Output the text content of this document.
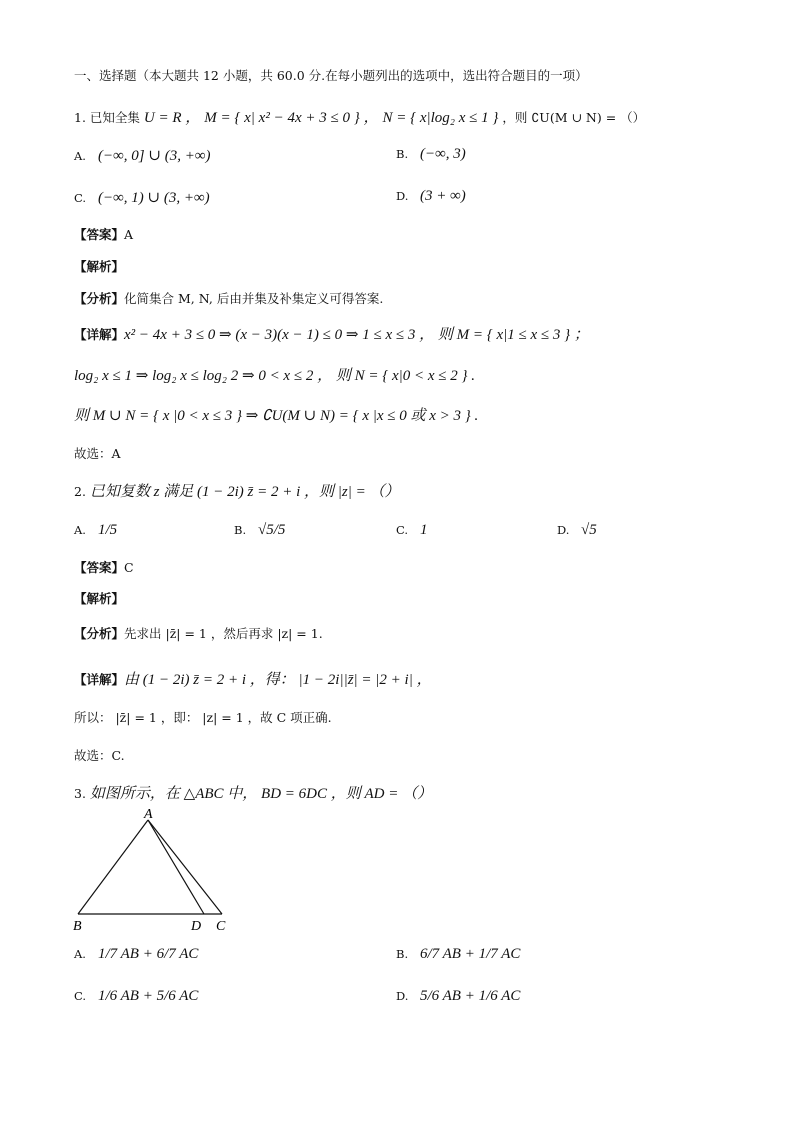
一、选择题（本大题共 12 小题，共 60.0 分.在每小题列出的选项中，选出符合题目的一项）
1. 已知全集 U = R ， M = { x| x² − 4x + 3 ≤ 0 } ， N = { x|log₂ x ≤ 1 } ，则 ∁U(M ∪ N) = （）
A. (−∞, 0] ∪ (3, +∞)	B. (−∞, 3)
C. (−∞, 1) ∪ (3, +∞)	D. (3 + ∞)
【答案】A
【解析】
【分析】化简集合 M, N, 后由并集及补集定义可得答案.
【详解】x² − 4x + 3 ≤ 0 ⇒ (x − 3)(x − 1) ≤ 0 ⇒ 1 ≤ x ≤ 3 ， 则 M = { x|1 ≤ x ≤ 3 } ；
log₂ x ≤ 1 ⇒ log₂ x ≤ log₂ 2 ⇒ 0 < x ≤ 2 ， 则 N = { x|0 < x ≤ 2 } .
则 M ∪ N = { x |0 < x ≤ 3 } ⇒ ∁U(M ∪ N) = { x |x ≤ 0 或 x > 3 } .
故选：A
2. 已知复数 z 满足 (1 − 2i) z̄ = 2 + i ，则 |z| = （）
A. 1/5	B. √5/5	C. 1	D. √5
【答案】C
【解析】
【分析】先求出 |z̄| = 1 ，然后再求 |z| = 1.
【详解】由 (1 − 2i) z̄ = 2 + i ，得： |1 − 2i||z̄| = |2 + i| ，
所以： |z̄| = 1 ，即： |z| = 1 ，故 C 项正确.
故选：C.
3. 如图所示，在 △ABC 中， BD = 6DC ，则 AD = （）
A
B	D C
A. 1/7 AB + 6/7 AC	B. 6/7 AB + 1/7 AC
C. 1/6 AB + 5/6 AC	D. 5/6 AB + 1/6 AC
